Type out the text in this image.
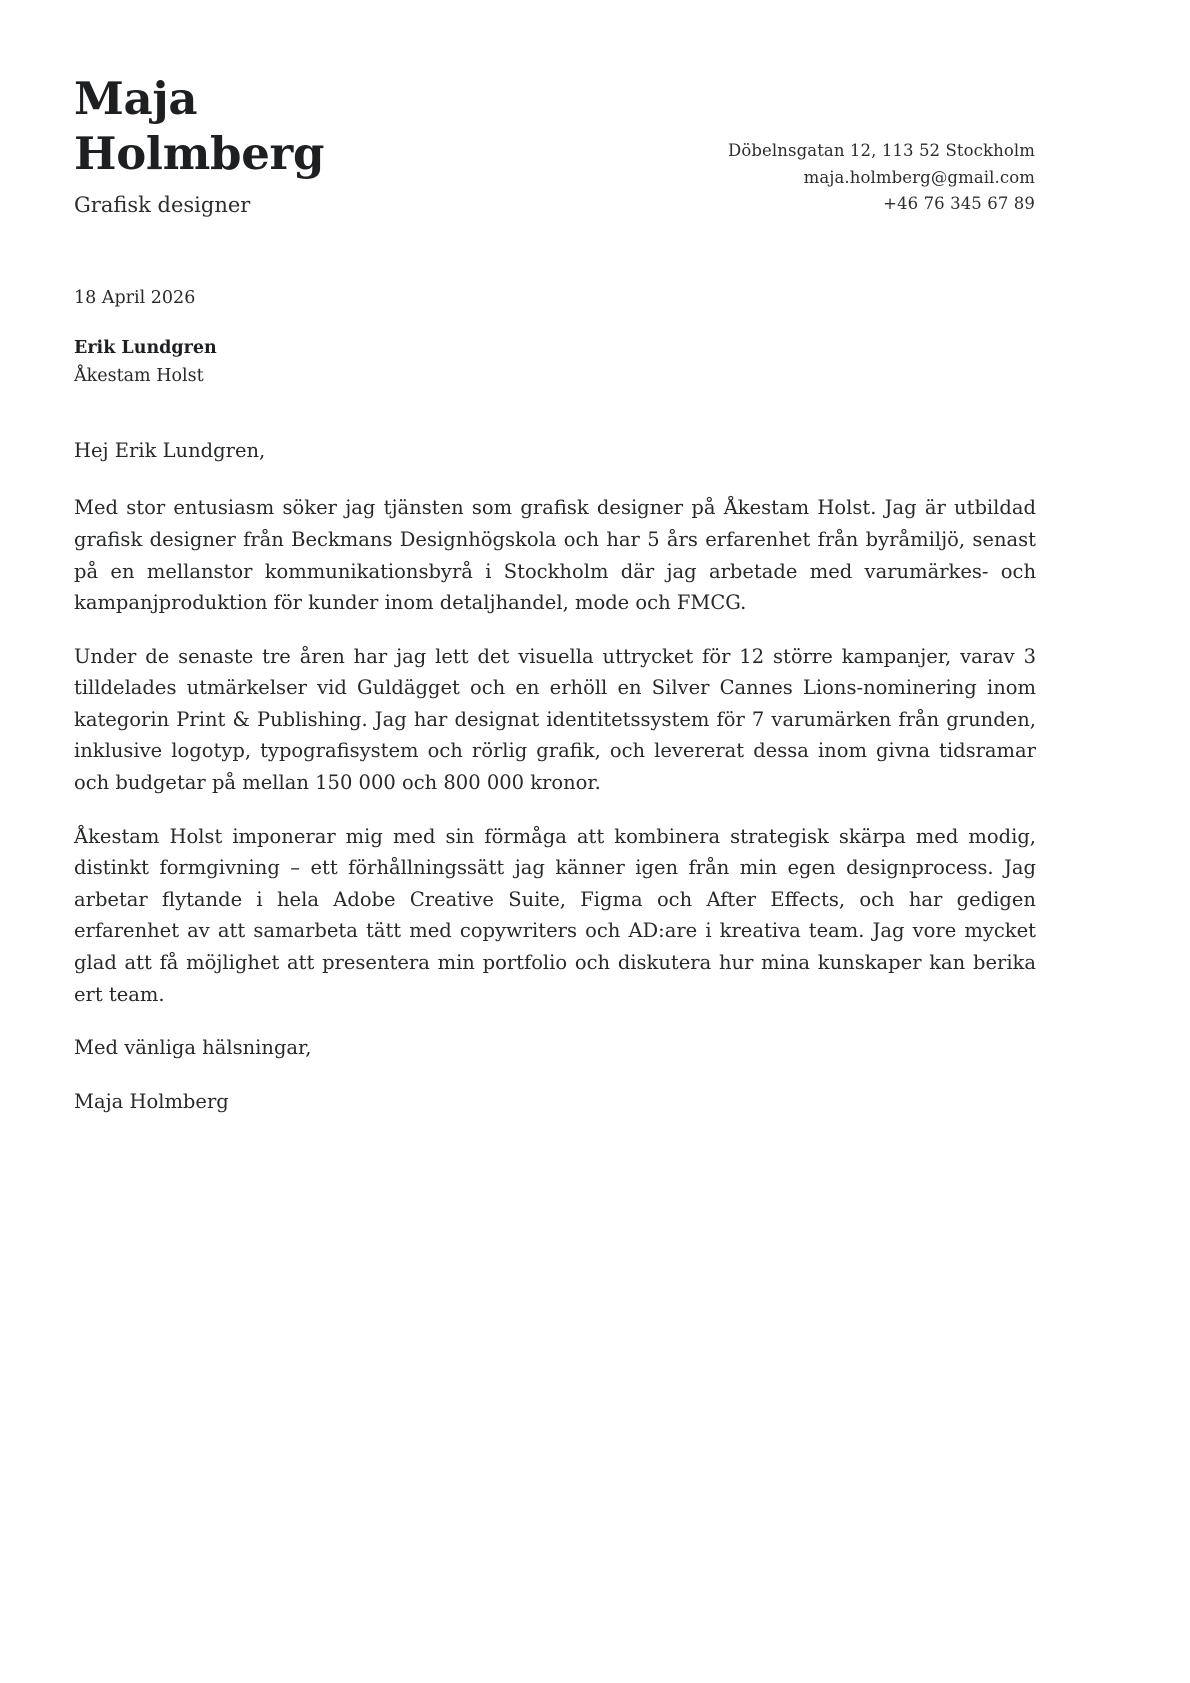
Maja
Holmberg
Grafisk designer
Döbelnsgatan 12, 113 52 Stockholm
maja.holmberg@gmail.com
+46 76 345 67 89
18 April 2026
Erik Lundgren
Åkestam Holst
Hej Erik Lundgren,

Med stor entusiasm söker jag tjänsten som grafisk designer på Åkestam Holst. Jag är utbildad grafisk designer från Beckmans Designhögskola och har 5 års erfarenhet från byråmiljö, senast på en mellanstor kommunikationsbyrå i Stockholm där jag arbetade med varumärkes- och kampanjproduktion för kunder inom detaljhandel, mode och FMCG.

Under de senaste tre åren har jag lett det visuella uttrycket för 12 större kampanjer, varav 3 tilldelades utmärkelser vid Guldägget och en erhöll en Silver Cannes Lions-nominering inom kategorin Print & Publishing. Jag har designat identitetssystem för 7 varumärken från grunden, inklusive logotyp, typografisystem och rörlig grafik, och levererat dessa inom givna tidsramar och budgetar på mellan 150 000 och 800 000 kronor.

Åkestam Holst imponerar mig med sin förmåga att kombinera strategisk skärpa med modig, distinkt formgivning – ett förhållningssätt jag känner igen från min egen designprocess. Jag arbetar flytande i hela Adobe Creative Suite, Figma och After Effects, och har gedigen erfarenhet av att samarbeta tätt med copywriters och AD:are i kreativa team. Jag vore mycket glad att få möjlighet att presentera min portfolio och diskutera hur mina kunskaper kan berika ert team.

Med vänliga hälsningar,

Maja Holmberg
